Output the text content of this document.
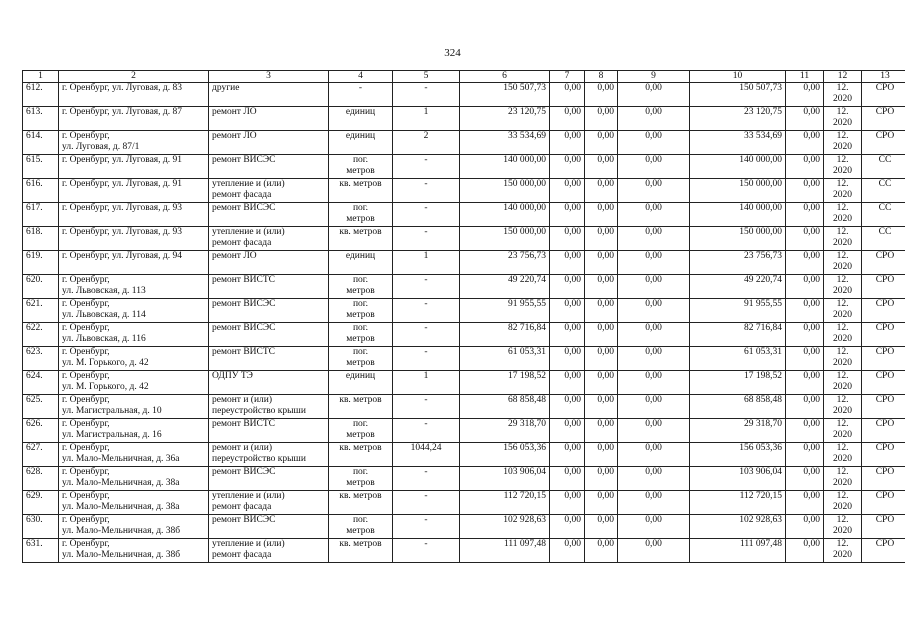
324
1	2	3	4	5	6	7	8	9	10	11	12	13
612.	г. Оренбург, ул. Луговая, д. 83	другие	-	-	150 507,73	0,00	0,00	0,00	150 507,73	0,00	12.
2020	СРО
613.	г. Оренбург, ул. Луговая, д. 87	ремонт ЛО	единиц	1	23 120,75	0,00	0,00	0,00	23 120,75	0,00	12.
2020	СРО
614.	г. Оренбург,
ул. Луговая, д. 87/1	ремонт ЛО	единиц	2	33 534,69	0,00	0,00	0,00	33 534,69	0,00	12.
2020	СРО
615.	г. Оренбург, ул. Луговая, д. 91	ремонт ВИСЭС	пог.
метров	-	140 000,00	0,00	0,00	0,00	140 000,00	0,00	12.
2020	СС
616.	г. Оренбург, ул. Луговая, д. 91	утепление и (или)
ремонт фасада	кв. метров	-	150 000,00	0,00	0,00	0,00	150 000,00	0,00	12.
2020	СС
617.	г. Оренбург, ул. Луговая, д. 93	ремонт ВИСЭС	пог.
метров	-	140 000,00	0,00	0,00	0,00	140 000,00	0,00	12.
2020	СС
618.	г. Оренбург, ул. Луговая, д. 93	утепление и (или)
ремонт фасада	кв. метров	-	150 000,00	0,00	0,00	0,00	150 000,00	0,00	12.
2020	СС
619.	г. Оренбург, ул. Луговая, д. 94	ремонт ЛО	единиц	1	23 756,73	0,00	0,00	0,00	23 756,73	0,00	12.
2020	СРО
620.	г. Оренбург,
ул. Львовская, д. 113	ремонт ВИСТС	пог.
метров	-	49 220,74	0,00	0,00	0,00	49 220,74	0,00	12.
2020	СРО
621.	г. Оренбург,
ул. Львовская, д. 114	ремонт ВИСЭС	пог.
метров	-	91 955,55	0,00	0,00	0,00	91 955,55	0,00	12.
2020	СРО
622.	г. Оренбург,
ул. Львовская, д. 116	ремонт ВИСЭС	пог.
метров	-	82 716,84	0,00	0,00	0,00	82 716,84	0,00	12.
2020	СРО
623.	г. Оренбург,
ул. М. Горького, д. 42	ремонт ВИСТС	пог.
метров	-	61 053,31	0,00	0,00	0,00	61 053,31	0,00	12.
2020	СРО
624.	г. Оренбург,
ул. М. Горького, д. 42	ОДПУ ТЭ	единиц	1	17 198,52	0,00	0,00	0,00	17 198,52	0,00	12.
2020	СРО
625.	г. Оренбург,
ул. Магистральная, д. 10	ремонт и (или)
переустройство крыши	кв. метров	-	68 858,48	0,00	0,00	0,00	68 858,48	0,00	12.
2020	СРО
626.	г. Оренбург,
ул. Магистральная, д. 16	ремонт ВИСТС	пог.
метров	-	29 318,70	0,00	0,00	0,00	29 318,70	0,00	12.
2020	СРО
627.	г. Оренбург,
ул. Мало-Мельничная, д. 36а	ремонт и (или)
переустройство крыши	кв. метров	1044,24	156 053,36	0,00	0,00	0,00	156 053,36	0,00	12.
2020	СРО
628.	г. Оренбург,
ул. Мало-Мельничная, д. 38а	ремонт ВИСЭС	пог.
метров	-	103 906,04	0,00	0,00	0,00	103 906,04	0,00	12.
2020	СРО
629.	г. Оренбург,
ул. Мало-Мельничная, д. 38а	утепление и (или)
ремонт фасада	кв. метров	-	112 720,15	0,00	0,00	0,00	112 720,15	0,00	12.
2020	СРО
630.	г. Оренбург,
ул. Мало-Мельничная, д. 38б	ремонт ВИСЭС	пог.
метров	-	102 928,63	0,00	0,00	0,00	102 928,63	0,00	12.
2020	СРО
631.	г. Оренбург,
ул. Мало-Мельничная, д. 38б	утепление и (или)
ремонт фасада	кв. метров	-	111 097,48	0,00	0,00	0,00	111 097,48	0,00	12.
2020	СРО
